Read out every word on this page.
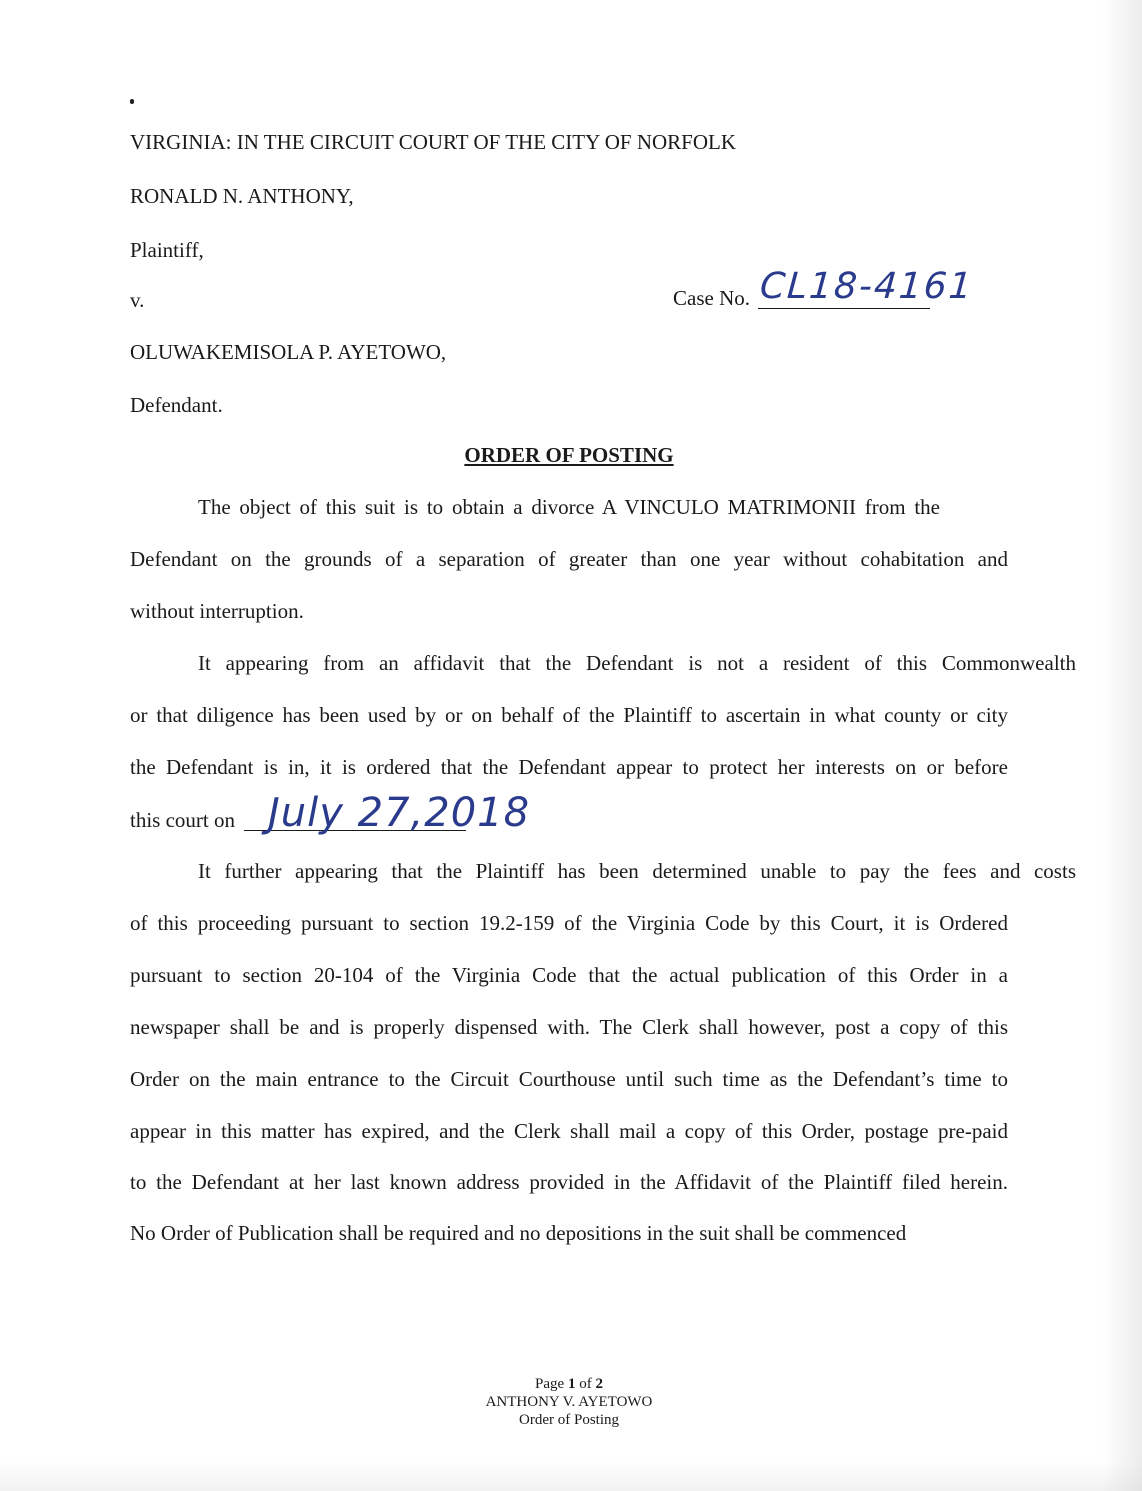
VIRGINIA: IN THE CIRCUIT COURT OF THE CITY OF NORFOLK
RONALD N. ANTHONY,
Plaintiff,
v.	Case No. CL18-4161
OLUWAKEMISOLA P. AYETOWO,
Defendant.
ORDER OF POSTING
The object of this suit is to obtain a divorce A VINCULO MATRIMONII from the
Defendant on the grounds of a separation of greater than one year without cohabitation and
without interruption.
It appearing from an affidavit that the Defendant is not a resident of this Commonwealth
or that diligence has been used by or on behalf of the Plaintiff to ascertain in what county or city
the Defendant is in, it is ordered that the Defendant appear to protect her interests on or before
this court on July 27,2018
It further appearing that the Plaintiff has been determined unable to pay the fees and costs
of this proceeding pursuant to section 19.2-159 of the Virginia Code by this Court, it is Ordered
pursuant to section 20-104 of the Virginia Code that the actual publication of this Order in a
newspaper shall be and is properly dispensed with. The Clerk shall however, post a copy of this
Order on the main entrance to the Circuit Courthouse until such time as the Defendant’s time to
appear in this matter has expired, and the Clerk shall mail a copy of this Order, postage pre-paid
to the Defendant at her last known address provided in the Affidavit of the Plaintiff filed herein.
No Order of Publication shall be required and no depositions in the suit shall be commenced
Page 1 of 2
ANTHONY V. AYETOWO
Order of Posting
